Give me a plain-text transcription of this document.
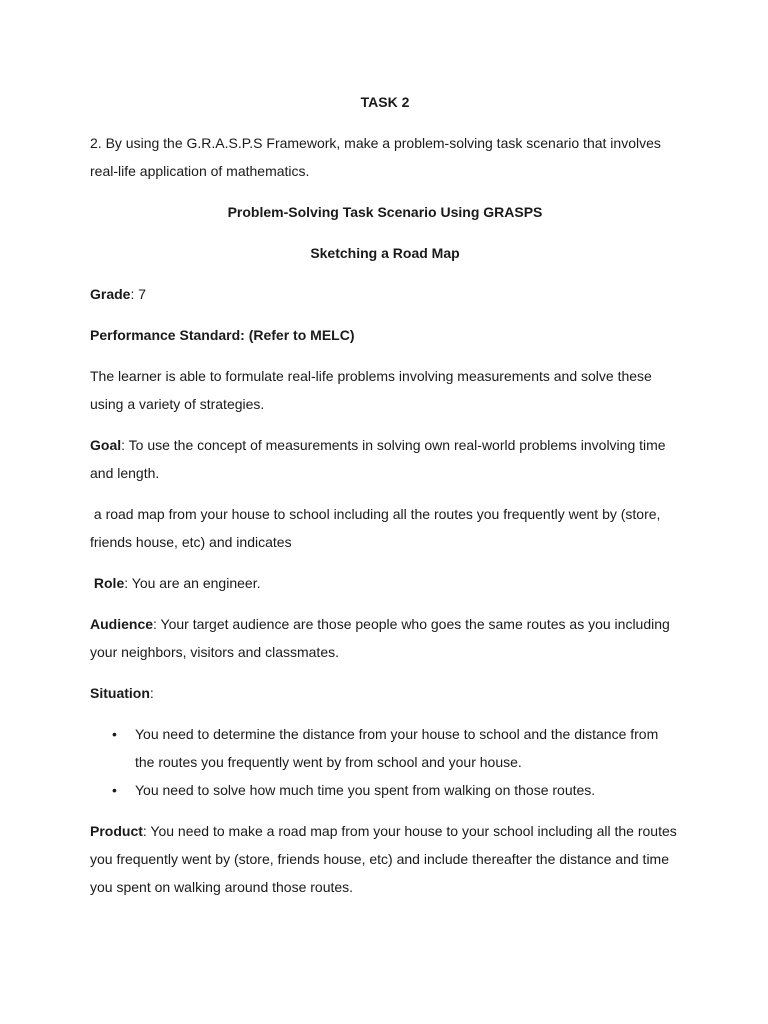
TASK 2

2. By using the G.R.A.S.P.S Framework, make a problem-solving task scenario that involves real-life application of mathematics.

Problem-Solving Task Scenario Using GRASPS

Sketching a Road Map

Grade: 7

Performance Standard: (Refer to MELC)

The learner is able to formulate real-life problems involving measurements and solve these using a variety of strategies.

Goal: To use the concept of measurements in solving own real-world problems involving time and length.

a road map from your house to school including all the routes you frequently went by (store, friends house, etc) and indicates

Role: You are an engineer.

Audience: Your target audience are those people who goes the same routes as you including your neighbors, visitors and classmates.

Situation:

• You need to determine the distance from your house to school and the distance from the routes you frequently went by from school and your house.
• You need to solve how much time you spent from walking on those routes.

Product: You need to make a road map from your house to your school including all the routes you frequently went by (store, friends house, etc) and include thereafter the distance and time you spent on walking around those routes.
